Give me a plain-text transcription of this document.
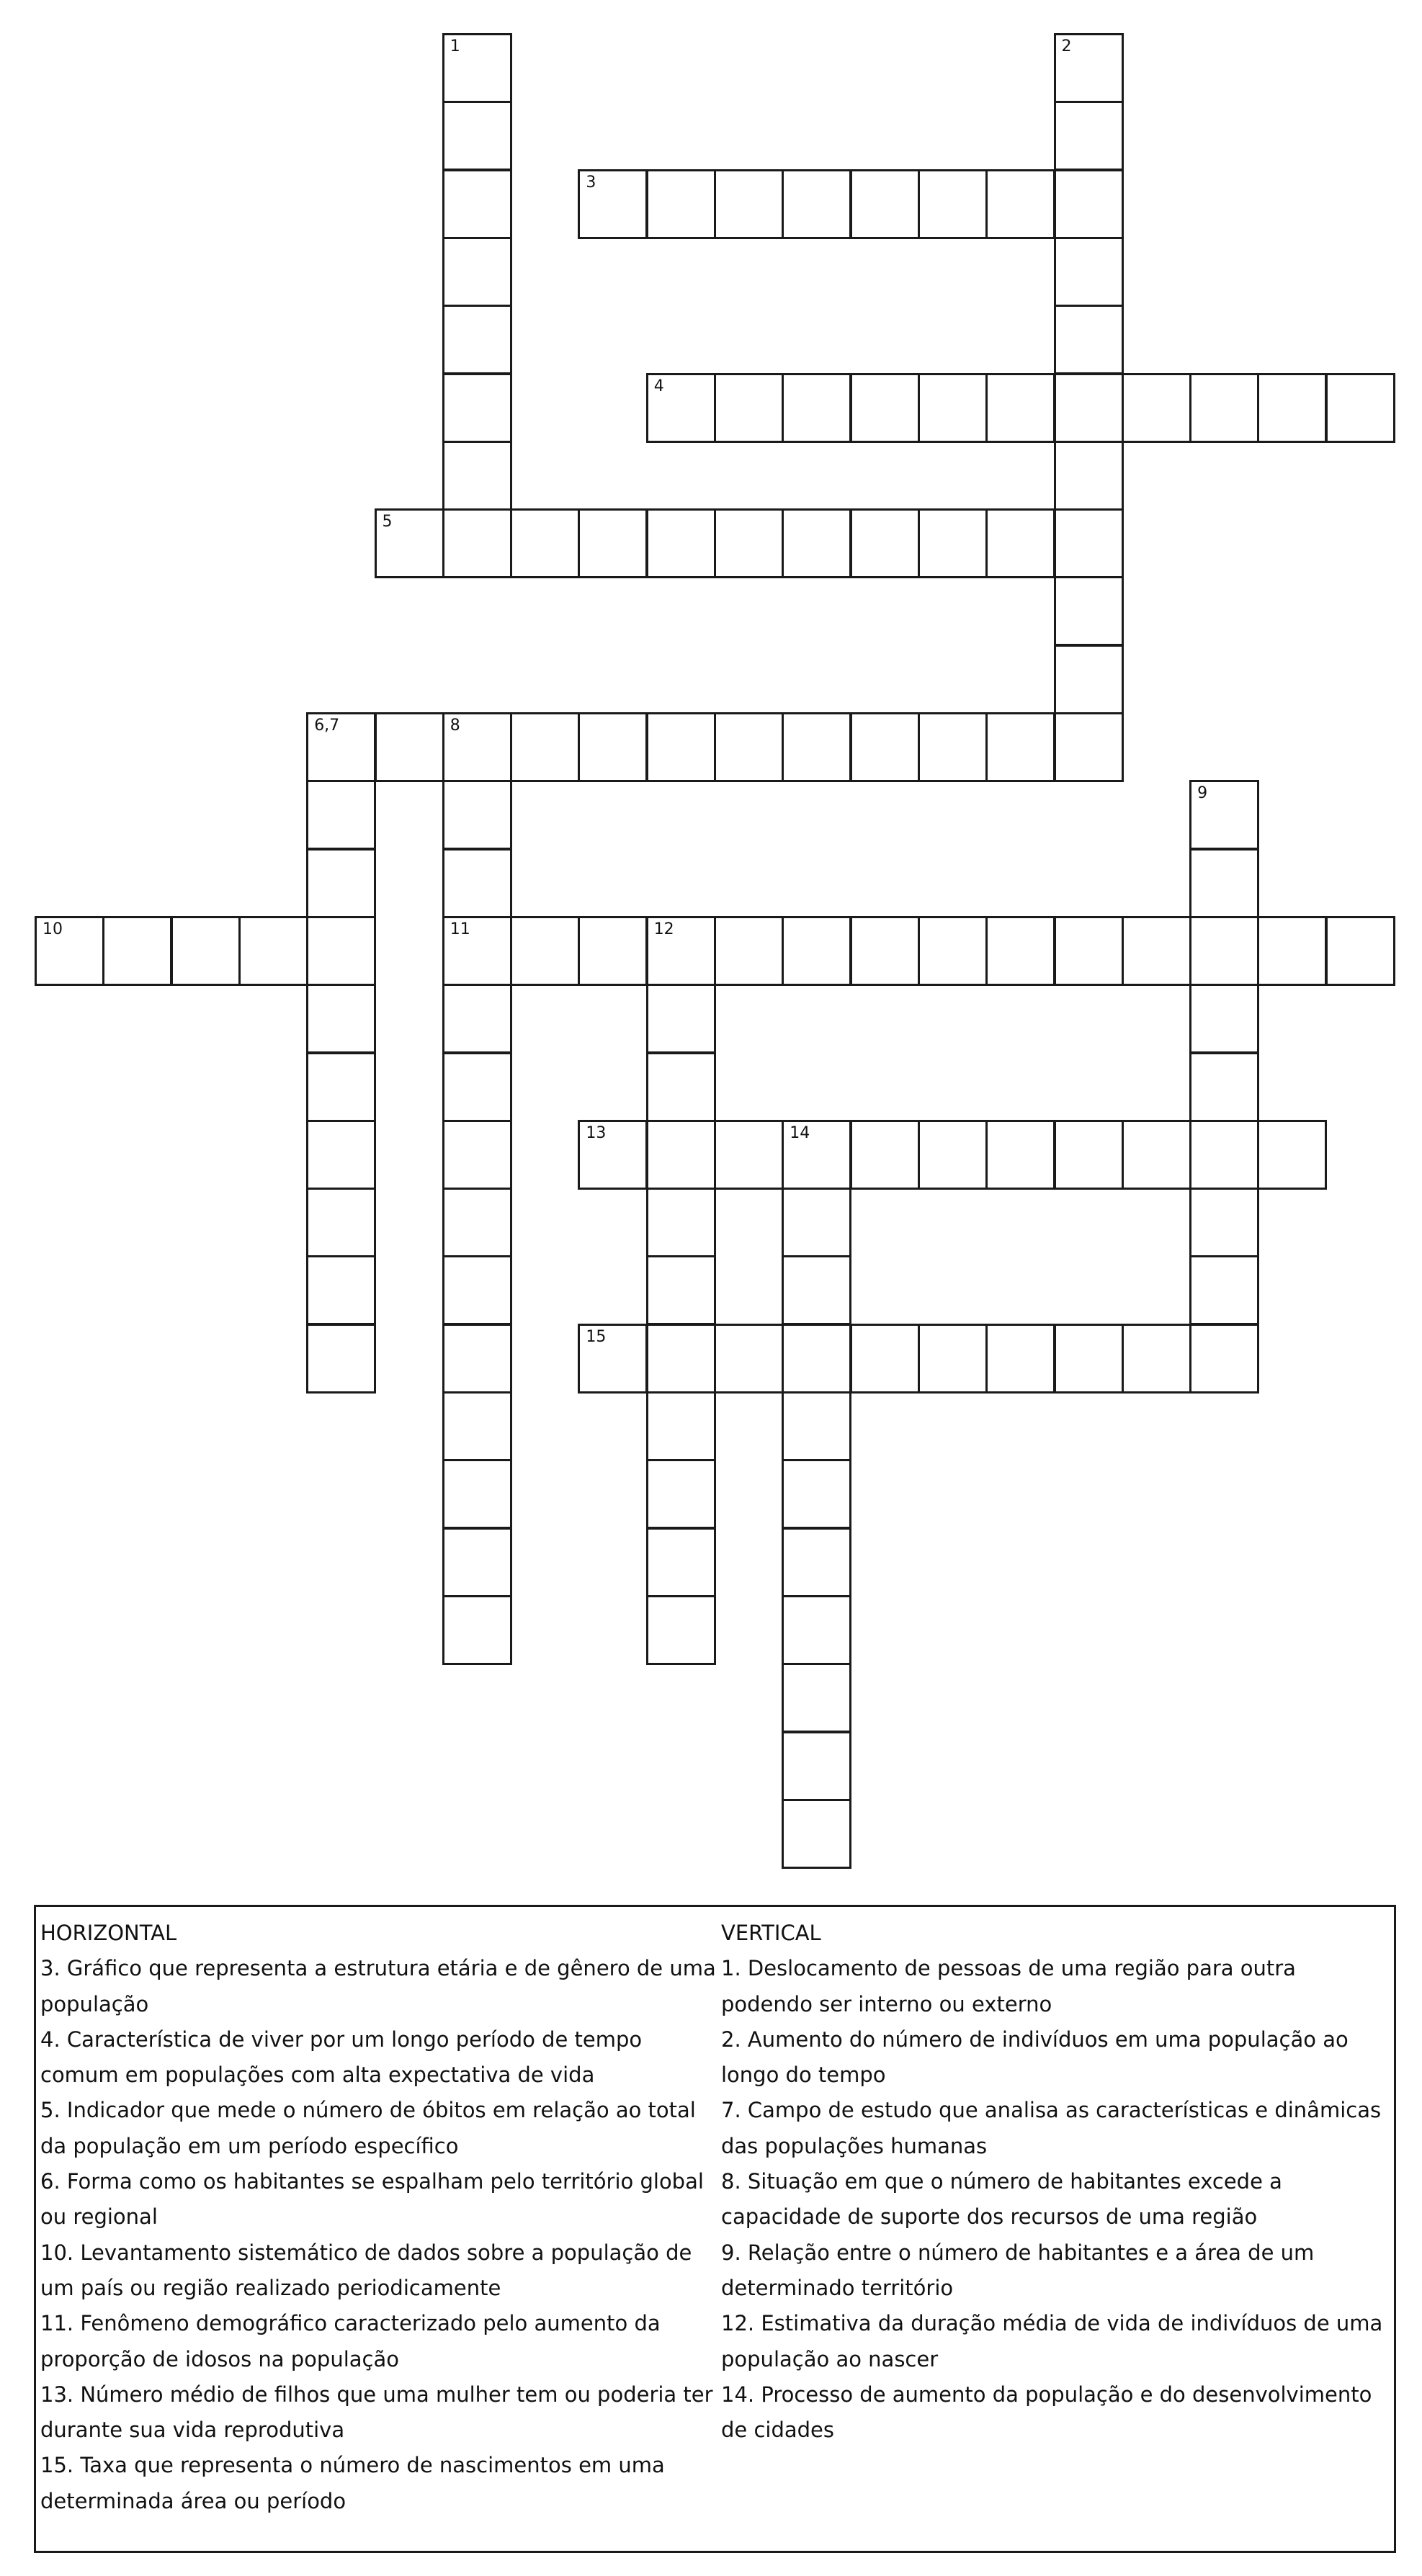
1	2
3
4
5
6,7	8
9
10	11	12
13	14
15
HORIZONTAL
3. Gráfico que representa a estrutura etária e de gênero de uma população
4. Característica de viver por um longo período de tempo comum em populações com alta expectativa de vida
5. Indicador que mede o número de óbitos em relação ao total da população em um período específico
6. Forma como os habitantes se espalham pelo território global ou regional
10. Levantamento sistemático de dados sobre a população de um país ou região realizado periodicamente
11. Fenômeno demográfico caracterizado pelo aumento da proporção de idosos na população
13. Número médio de filhos que uma mulher tem ou poderia ter durante sua vida reprodutiva
15. Taxa que representa o número de nascimentos em uma determinada área ou período
VERTICAL
1. Deslocamento de pessoas de uma região para outra podendo ser interno ou externo
2. Aumento do número de indivíduos em uma população ao longo do tempo
7. Campo de estudo que analisa as características e dinâmicas das populações humanas
8. Situação em que o número de habitantes excede a capacidade de suporte dos recursos de uma região
9. Relação entre o número de habitantes e a área de um determinado território
12. Estimativa da duração média de vida de indivíduos de uma população ao nascer
14. Processo de aumento da população e do desenvolvimento de cidades
